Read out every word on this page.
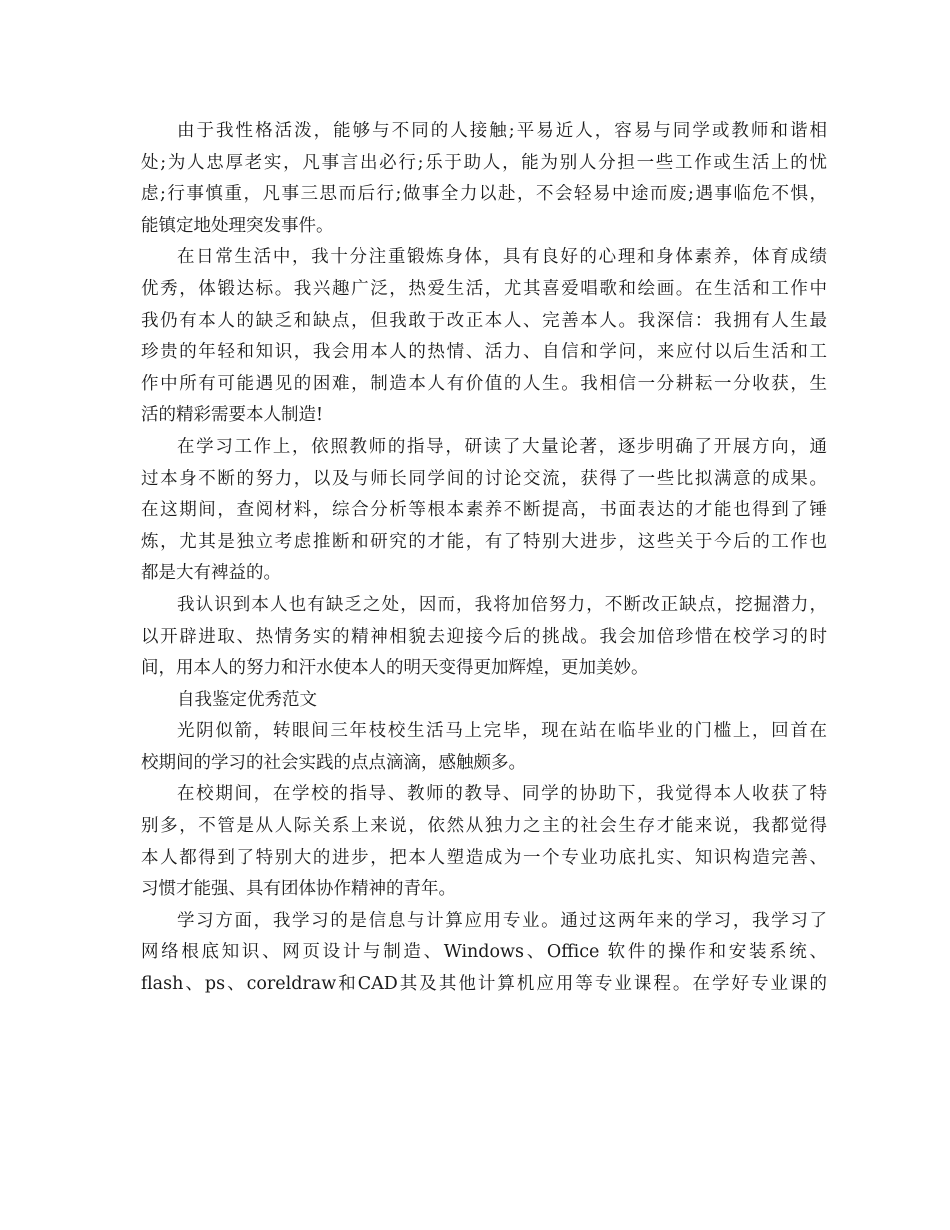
由于我性格活泼，能够与不同的人接触;平易近人，容易与同学或教师和谐相
处;为人忠厚老实，凡事言出必行;乐于助人，能为别人分担一些工作或生活上的忧
虑;行事慎重，凡事三思而后行;做事全力以赴，不会轻易中途而废;遇事临危不惧，
能镇定地处理突发事件。
在日常生活中，我十分注重锻炼身体，具有良好的心理和身体素养，体育成绩
优秀，体锻达标。我兴趣广泛，热爱生活，尤其喜爱唱歌和绘画。在生活和工作中
我仍有本人的缺乏和缺点，但我敢于改正本人、完善本人。我深信：我拥有人生最
珍贵的年轻和知识，我会用本人的热情、活力、自信和学问，来应付以后生活和工
作中所有可能遇见的困难，制造本人有价值的人生。我相信一分耕耘一分收获，生
活的精彩需要本人制造!
在学习工作上，依照教师的指导，研读了大量论著，逐步明确了开展方向，通
过本身不断的努力，以及与师长同学间的讨论交流，获得了一些比拟满意的成果。
在这期间，查阅材料，综合分析等根本素养不断提高，书面表达的才能也得到了锤
炼，尤其是独立考虑推断和研究的才能，有了特别大进步，这些关于今后的工作也
都是大有裨益的。
我认识到本人也有缺乏之处，因而，我将加倍努力，不断改正缺点，挖掘潜力，
以开辟进取、热情务实的精神相貌去迎接今后的挑战。我会加倍珍惜在校学习的时
间，用本人的努力和汗水使本人的明天变得更加辉煌，更加美妙。
自我鉴定优秀范文
光阴似箭，转眼间三年枝校生活马上完毕，现在站在临毕业的门槛上，回首在
校期间的学习的社会实践的点点滴滴，感触颇多。
在校期间，在学校的指导、教师的教导、同学的协助下，我觉得本人收获了特
别多，不管是从人际关系上来说，依然从独力之主的社会生存才能来说，我都觉得
本人都得到了特别大的进步，把本人塑造成为一个专业功底扎实、知识构造完善、
习惯才能强、具有团体协作精神的青年。
学习方面，我学习的是信息与计算应用专业。通过这两年来的学习，我学习了
网络根底知识、网页设计与制造、Windows、Office 软件的操作和安装系统、
flash、ps、coreldraw和CAD其及其他计算机应用等专业课程。在学好专业课的
